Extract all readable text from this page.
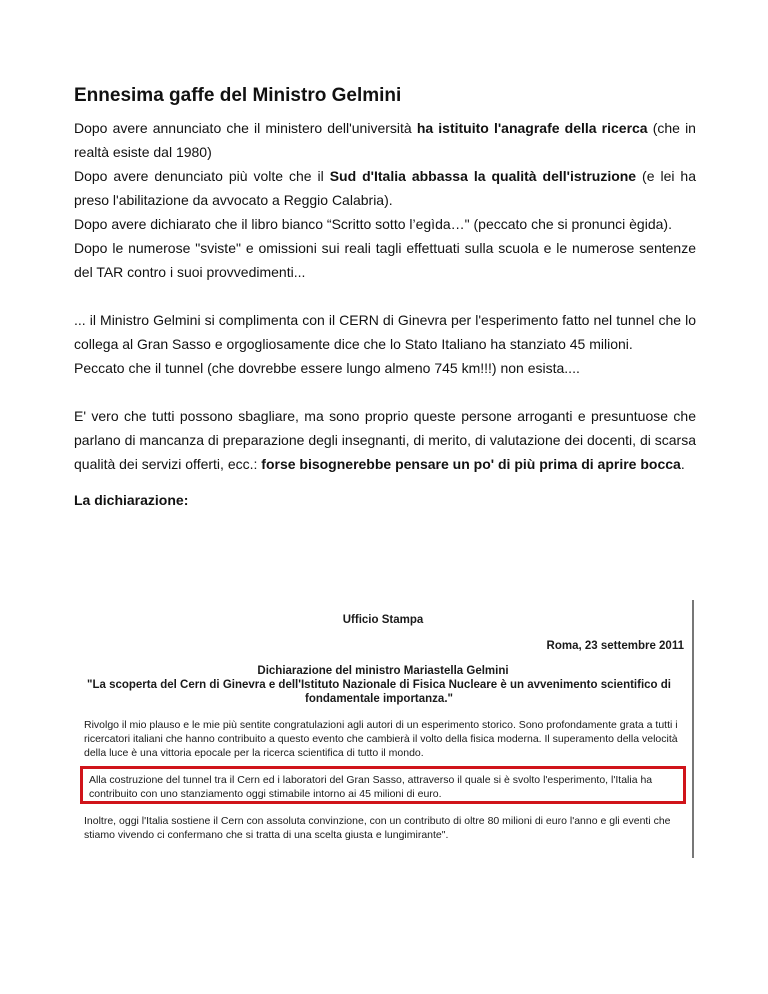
Ennesima gaffe del Ministro Gelmini

Dopo avere annunciato che il ministero dell'università ha istituito l'anagrafe della ricerca (che in realtà esiste dal 1980)

Dopo avere denunciato più volte che il Sud d'Italia abbassa la qualità dell'istruzione (e lei ha preso l'abilitazione da avvocato a Reggio Calabria).

Dopo avere dichiarato che il libro bianco “Scritto sotto l’egìda…" (peccato che si pronunci ègida).

Dopo le numerose "sviste" e omissioni sui reali tagli effettuati sulla scuola e le numerose sentenze del TAR contro i suoi provvedimenti...

... il Ministro Gelmini si complimenta con il CERN di Ginevra per l'esperimento fatto nel tunnel che lo collega al Gran Sasso e orgogliosamente dice che lo Stato Italiano ha stanziato 45 milioni.

Peccato che il tunnel (che dovrebbe essere lungo almeno 745 km!!!) non esista....

E' vero che tutti possono sbagliare, ma sono proprio queste persone arroganti e presuntuose che parlano di mancanza di preparazione degli insegnanti, di merito, di valutazione dei docenti, di scarsa qualità dei servizi offerti, ecc.: forse bisognerebbe pensare un po' di più prima di aprire bocca.

La dichiarazione:
Ufficio Stampa
Roma, 23 settembre 2011
Dichiarazione del ministro Mariastella Gelmini
"La scoperta del Cern di Ginevra e dell'Istituto Nazionale di Fisica Nucleare è un avvenimento scientifico di fondamentale importanza."
Rivolgo il mio plauso e le mie più sentite congratulazioni agli autori di un esperimento storico. Sono profondamente grata a tutti i ricercatori italiani che hanno contribuito a questo evento che cambierà il volto della fisica moderna. Il superamento della velocità della luce è una vittoria epocale per la ricerca scientifica di tutto il mondo.
Alla costruzione del tunnel tra il Cern ed i laboratori del Gran Sasso, attraverso il quale si è svolto l'esperimento, l'Italia ha contribuito con uno stanziamento oggi stimabile intorno ai 45 milioni di euro.
Inoltre, oggi l'Italia sostiene il Cern con assoluta convinzione, con un contributo di oltre 80 milioni di euro l'anno e gli eventi che stiamo vivendo ci confermano che si tratta di una scelta giusta e lungimirante".
